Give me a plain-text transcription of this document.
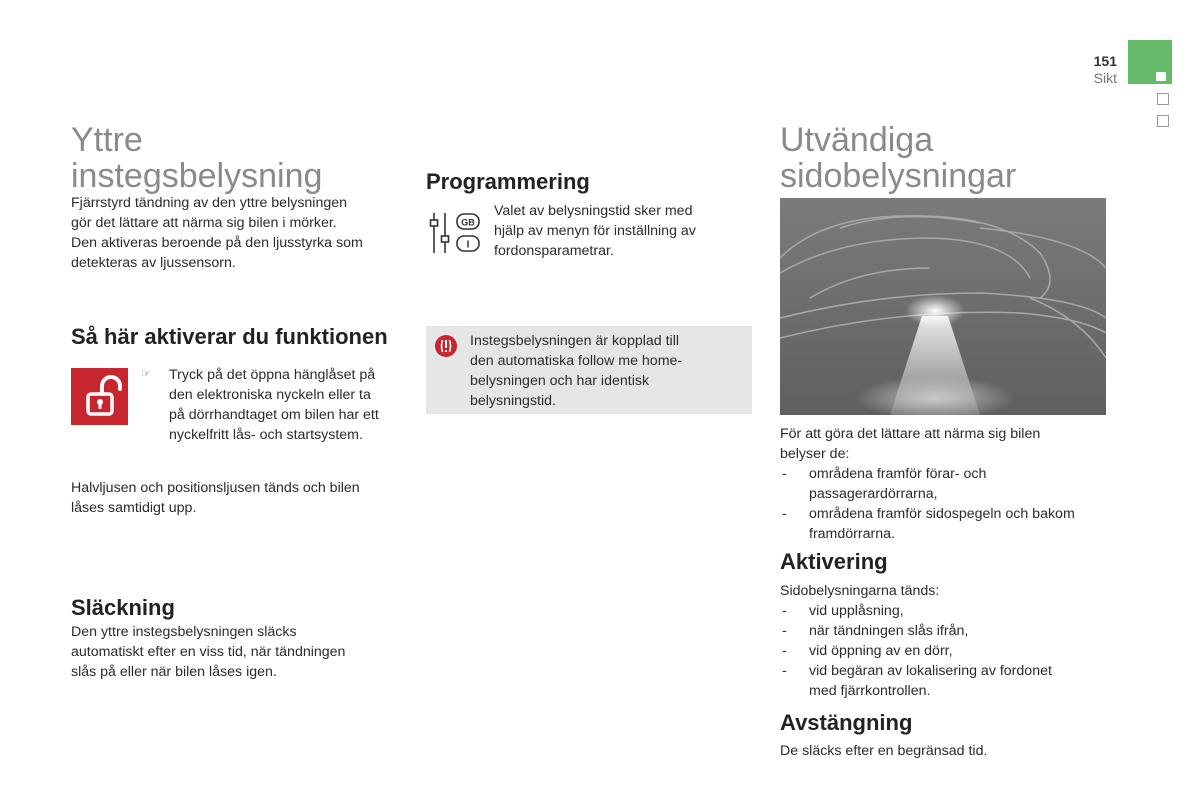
151
Sikt
Yttre
instegsbelysning
Fjärrstyrd tändning av den yttre belysningen
gör det lättare att närma sig bilen i mörker.
Den aktiveras beroende på den ljusstyrka som
detekteras av ljussensorn.
Så här aktiverar du funktionen
☞ Tryck på det öppna hänglåset på
den elektroniska nyckeln eller ta
på dörrhandtaget om bilen har ett
nyckelfritt lås- och startsystem.
Halvljusen och positionsljusen tänds och bilen
låses samtidigt upp.
Släckning
Den yttre instegsbelysningen släcks
automatiskt efter en viss tid, när tändningen
slås på eller när bilen låses igen.
Programmering
GB
I
Valet av belysningstid sker med
hjälp av menyn för inställning av
fordonsparametrar.
Instegsbelysningen är kopplad till
den automatiska follow me home-
belysningen och har identisk
belysningstid.
Utvändiga
sidobelysningar
För att göra det lättare att närma sig bilen
belyser de:
- områdena framför förar- och
passagerardörrarna,
- områdena framför sidospegeln och bakom
framdörrarna.
Aktivering
Sidobelysningarna tänds:
- vid upplåsning,
- när tändningen slås ifrån,
- vid öppning av en dörr,
- vid begäran av lokalisering av fordonet
med fjärrkontrollen.
Avstängning
De släcks efter en begränsad tid.
